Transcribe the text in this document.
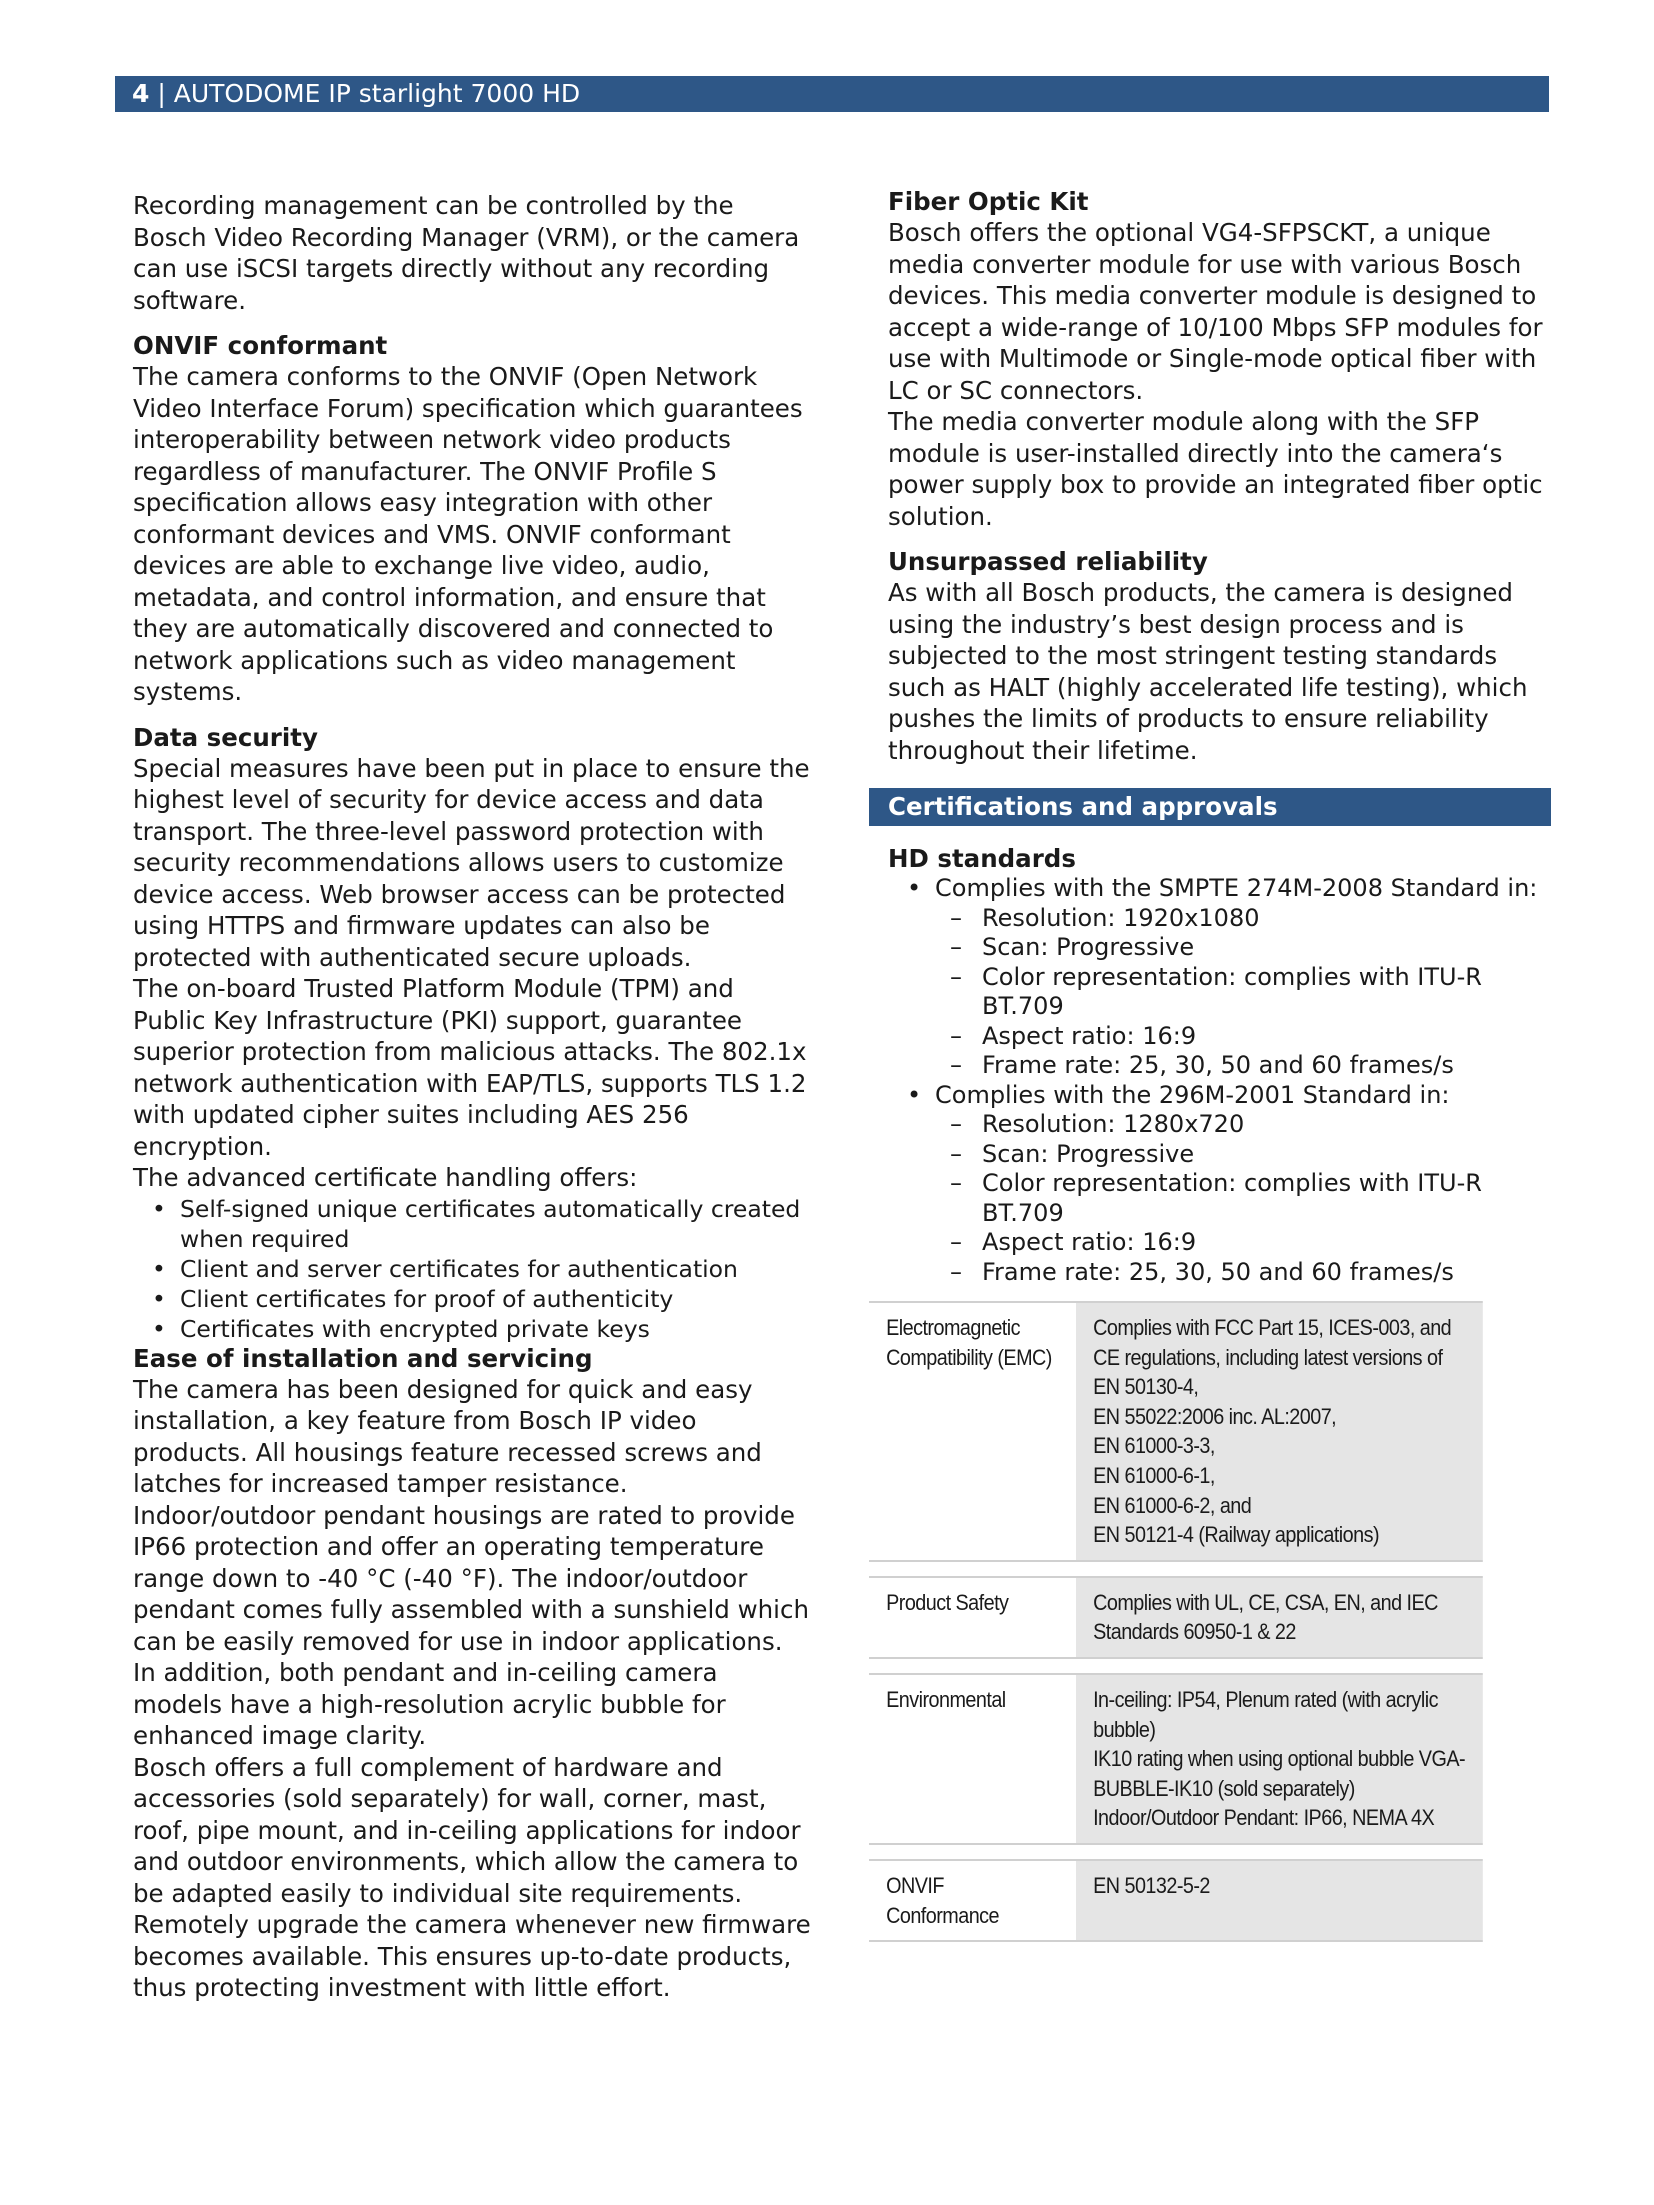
4 | AUTODOME IP starlight 7000 HD

Recording management can be controlled by the Bosch Video Recording Manager (VRM), or the camera can use iSCSI targets directly without any recording software.

ONVIF conformant

The camera conforms to the ONVIF (Open Network Video Interface Forum) specification which guarantees interoperability between network video products regardless of manufacturer. The ONVIF Profile S specification allows easy integration with other conformant devices and VMS. ONVIF conformant devices are able to exchange live video, audio, metadata, and control information, and ensure that they are automatically discovered and connected to network applications such as video management systems.

Data security

Special measures have been put in place to ensure the highest level of security for device access and data transport. The three-level password protection with security recommendations allows users to customize device access. Web browser access can be protected using HTTPS and firmware updates can also be protected with authenticated secure uploads.

The on-board Trusted Platform Module (TPM) and Public Key Infrastructure (PKI) support, guarantee superior protection from malicious attacks. The 802.1x network authentication with EAP/TLS, supports TLS 1.2 with updated cipher suites including AES 256 encryption.

The advanced certificate handling offers:

• Self-signed unique certificates automatically created when required
• Client and server certificates for authentication
• Client certificates for proof of authenticity
• Certificates with encrypted private keys
Ease of installation and servicing

The camera has been designed for quick and easy installation, a key feature from Bosch IP video products. All housings feature recessed screws and latches for increased tamper resistance.

Indoor/outdoor pendant housings are rated to provide IP66 protection and offer an operating temperature range down to -40 °C (-40 °F). The indoor/outdoor pendant comes fully assembled with a sunshield which can be easily removed for use in indoor applications.

In addition, both pendant and in-ceiling camera models have a high-resolution acrylic bubble for enhanced image clarity.

Bosch offers a full complement of hardware and accessories (sold separately) for wall, corner, mast, roof, pipe mount, and in-ceiling applications for indoor and outdoor environments, which allow the camera to be adapted easily to individual site requirements.

Remotely upgrade the camera whenever new firmware becomes available. This ensures up-to-date products, thus protecting investment with little effort.

Fiber Optic Kit

Bosch offers the optional VG4-SFPSCKT, a unique media converter module for use with various Bosch devices. This media converter module is designed to accept a wide-range of 10/100 Mbps SFP modules for use with Multimode or Single-mode optical fiber with LC or SC connectors.

The media converter module along with the SFP module is user-installed directly into the camera‘s power supply box to provide an integrated fiber optic solution.

Unsurpassed reliability

As with all Bosch products, the camera is designed using the industry’s best design process and is subjected to the most stringent testing standards such as HALT (highly accelerated life testing), which pushes the limits of products to ensure reliability throughout their lifetime.

Certifications and approvals
HD standards
• Complies with the SMPTE 274M-2008 Standard in:
– Resolution: 1920x1080
– Scan: Progressive
– Color representation: complies with ITU-R BT.709
– Aspect ratio: 16:9
– Frame rate: 25, 30, 50 and 60 frames/s
• Complies with the 296M-2001 Standard in:
– Resolution: 1280x720
– Scan: Progressive
– Color representation: complies with ITU-R BT.709
– Aspect ratio: 16:9
– Frame rate: 25, 30, 50 and 60 frames/s
Electromagnetic
Compatibility (EMC)
Complies with FCC Part 15, ICES-003, and
CE regulations, including latest versions of
EN 50130-4,
EN 55022:2006 inc. AL:2007,
EN 61000-3-3,
EN 61000-6-1,
EN 61000-6-2, and
EN 50121-4 (Railway applications)
Product Safety	Complies with UL, CE, CSA, EN, and IEC
Standards 60950-1 & 22
Environmental	In-ceiling: IP54, Plenum rated (with acrylic
bubble)
IK10 rating when using optional bubble VGA-
BUBBLE-IK10 (sold separately)
Indoor/Outdoor Pendant: IP66, NEMA 4X
ONVIF Conformance
EN 50132-5-2
